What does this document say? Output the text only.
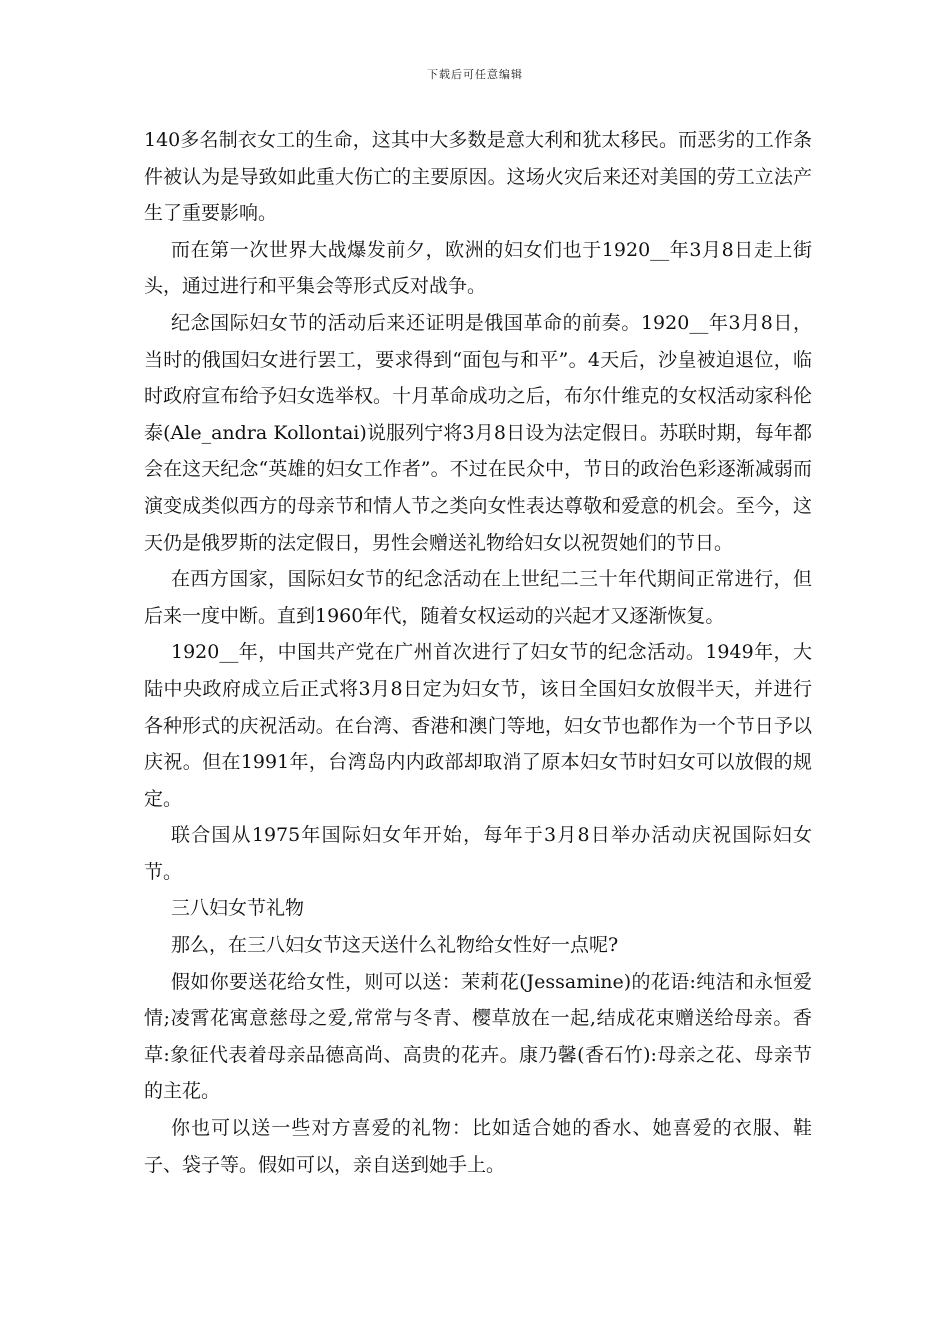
下载后可任意编辑

140多名制衣女工的生命，这其中大多数是意大利和犹太移民。而恶劣的工作条件被认为是导致如此重大伤亡的主要原因。这场火灾后来还对美国的劳工立法产生了重要影响。

而在第一次世界大战爆发前夕，欧洲的妇女们也于1920__年3月8日走上街头，通过进行和平集会等形式反对战争。

纪念国际妇女节的活动后来还证明是俄国革命的前奏。1920__年3月8日，当时的俄国妇女进行罢工，要求得到“面包与和平”。4天后，沙皇被迫退位，临时政府宣布给予妇女选举权。十月革命成功之后，布尔什维克的女权活动家科伦泰(Ale_andra Kollontai)说服列宁将3月8日设为法定假日。苏联时期，每年都会在这天纪念“英雄的妇女工作者”。不过在民众中，节日的政治色彩逐渐减弱而演变成类似西方的母亲节和情人节之类向女性表达尊敬和爱意的机会。至今，这天仍是俄罗斯的法定假日，男性会赠送礼物给妇女以祝贺她们的节日。

在西方国家，国际妇女节的纪念活动在上世纪二三十年代期间正常进行，但后来一度中断。直到1960年代，随着女权运动的兴起才又逐渐恢复。

1920__年，中国共产党在广州首次进行了妇女节的纪念活动。1949年，大陆中央政府成立后正式将3月8日定为妇女节，该日全国妇女放假半天，并进行各种形式的庆祝活动。在台湾、香港和澳门等地，妇女节也都作为一个节日予以庆祝。但在1991年，台湾岛内内政部却取消了原本妇女节时妇女可以放假的规定。

联合国从1975年国际妇女年开始，每年于3月8日举办活动庆祝国际妇女节。

三八妇女节礼物

那么，在三八妇女节这天送什么礼物给女性好一点呢?

假如你要送花给女性，则可以送：茉莉花(Jessamine)的花语:纯洁和永恒爱情;凌霄花寓意慈母之爱,常常与冬青、樱草放在一起,结成花束赠送给母亲。香草:象征代表着母亲品德高尚、高贵的花卉。康乃馨(香石竹):母亲之花、母亲节的主花。

你也可以送一些对方喜爱的礼物：比如适合她的香水、她喜爱的衣服、鞋子、袋子等。假如可以，亲自送到她手上。
